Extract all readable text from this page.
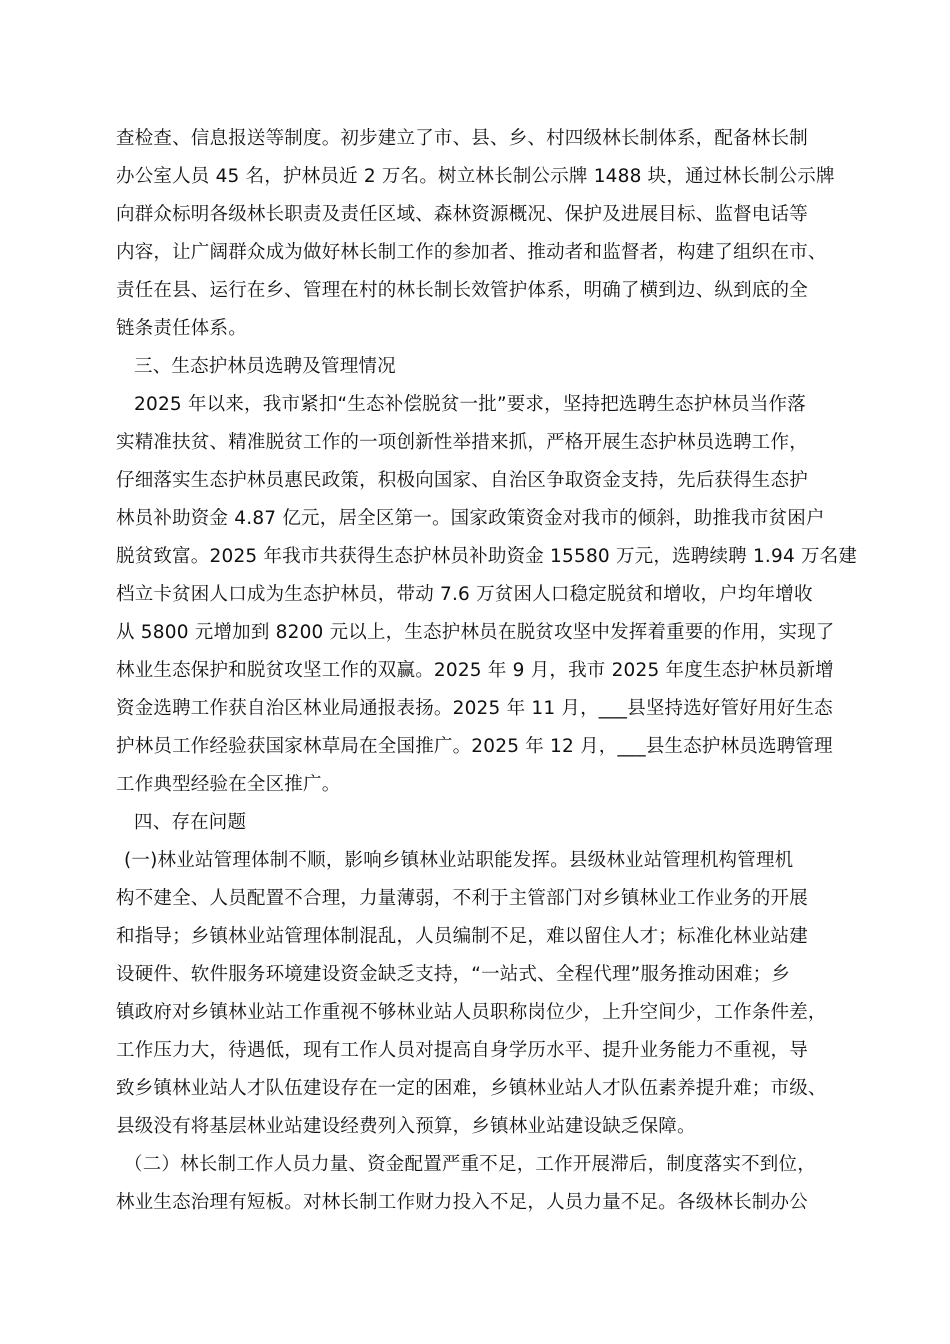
查检查、信息报送等制度。初步建立了市、县、乡、村四级林长制体系，配备林长制
办公室人员 45 名，护林员近 2 万名。树立林长制公示牌 1488 块，通过林长制公示牌
向群众标明各级林长职责及责任区域、森林资源概况、保护及进展目标、监督电话等
内容，让广阔群众成为做好林长制工作的参加者、推动者和监督者，构建了组织在市、
责任在县、运行在乡、管理在村的林长制长效管护体系，明确了横到边、纵到底的全
链条责任体系。
三、生态护林员选聘及管理情况
2025 年以来，我市紧扣“生态补偿脱贫一批”要求，坚持把选聘生态护林员当作落
实精准扶贫、精准脱贫工作的一项创新性举措来抓，严格开展生态护林员选聘工作，
仔细落实生态护林员惠民政策，积极向国家、自治区争取资金支持，先后获得生态护
林员补助资金 4.87 亿元，居全区第一。国家政策资金对我市的倾斜，助推我市贫困户
脱贫致富。2025 年我市共获得生态护林员补助资金 15580 万元，选聘续聘 1.94 万名建
档立卡贫困人口成为生态护林员，带动 7.6 万贫困人口稳定脱贫和增收，户均年增收
从 5800 元增加到 8200 元以上，生态护林员在脱贫攻坚中发挥着重要的作用，实现了
林业生态保护和脱贫攻坚工作的双赢。2025 年 9 月，我市 2025 年度生态护林员新增
资金选聘工作获自治区林业局通报表扬。2025 年 11 月，___县坚持选好管好用好生态
护林员工作经验获国家林草局在全国推广。2025 年 12 月，___县生态护林员选聘管理
工作典型经验在全区推广。
四、存在问题
(一)林业站管理体制不顺，影响乡镇林业站职能发挥。县级林业站管理机构管理机
构不建全、人员配置不合理，力量薄弱，不利于主管部门对乡镇林业工作业务的开展
和指导；乡镇林业站管理体制混乱，人员编制不足，难以留住人才；标准化林业站建
设硬件、软件服务环境建设资金缺乏支持，“一站式、全程代理”服务推动困难；乡
镇政府对乡镇林业站工作重视不够林业站人员职称岗位少，上升空间少，工作条件差，
工作压力大，待遇低，现有工作人员对提高自身学历水平、提升业务能力不重视，导
致乡镇林业站人才队伍建设存在一定的困难，乡镇林业站人才队伍素养提升难；市级、
县级没有将基层林业站建设经费列入预算，乡镇林业站建设缺乏保障。
（二）林长制工作人员力量、资金配置严重不足，工作开展滞后，制度落实不到位，
林业生态治理有短板。对林长制工作财力投入不足，人员力量不足。各级林长制办公
